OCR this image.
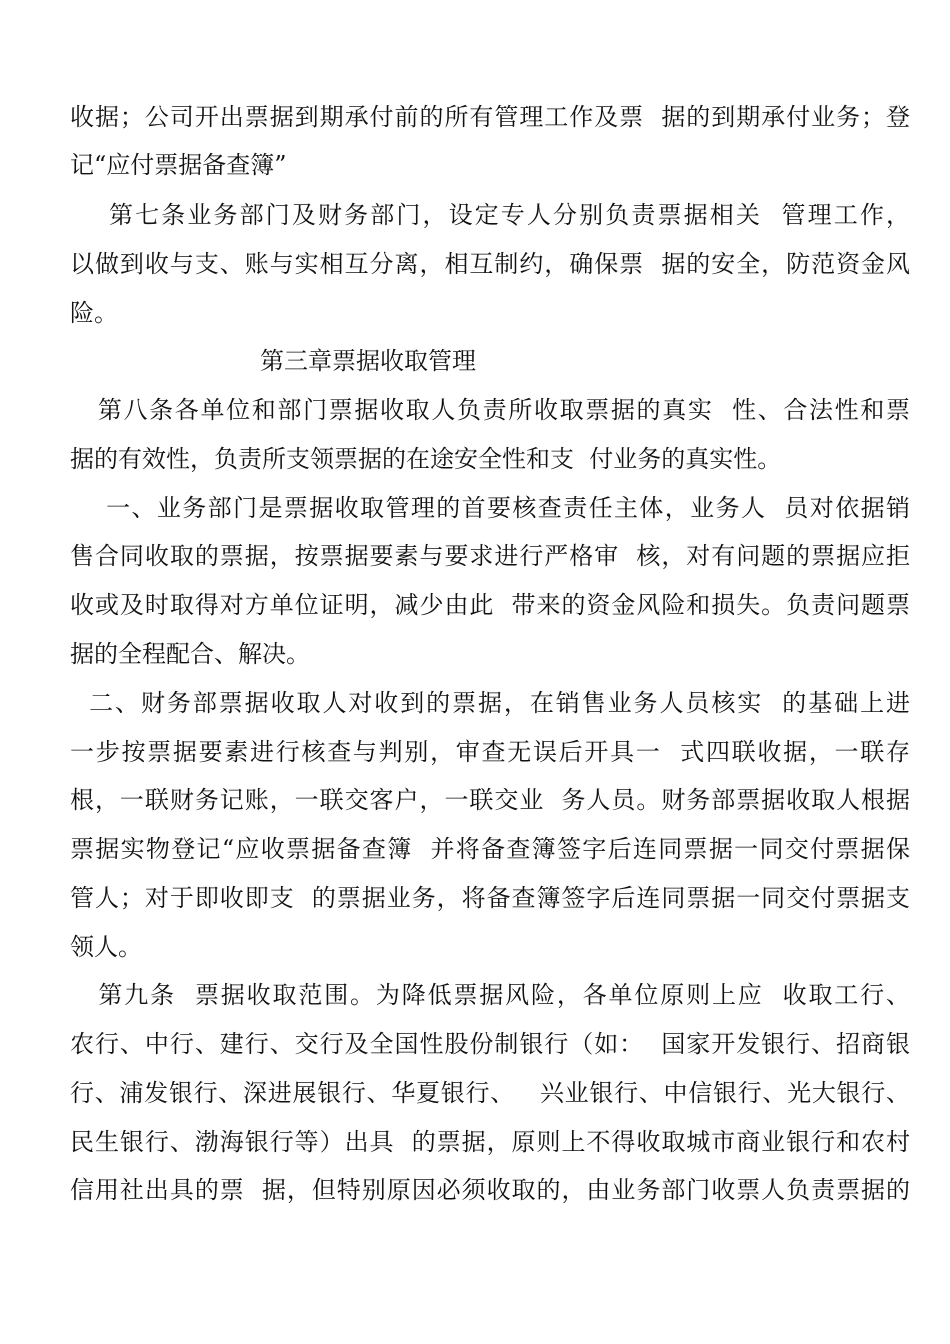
收据；公司开出票据到期承付前的所有管理工作及票  据的到期承付业务；登
记“应付票据备查簿”
第七条业务部门及财务部门，设定专人分别负责票据相关  管理工作，
以做到收与支、账与实相互分离，相互制约，确保票  据的安全，防范资金风
险。
第三章票据收取管理
第八条各单位和部门票据收取人负责所收取票据的真实  性、合法性和票
据的有效性，负责所支领票据的在途安全性和支  付业务的真实性。
一、业务部门是票据收取管理的首要核查责任主体，业务人  员对依据销
售合同收取的票据，按票据要素与要求进行严格审  核，对有问题的票据应拒
收或及时取得对方单位证明，减少由此  带来的资金风险和损失。负责问题票
据的全程配合、解决。
二、财务部票据收取人对收到的票据，在销售业务人员核实  的基础上进
一步按票据要素进行核查与判别，审查无误后开具一  式四联收据，一联存
根，一联财务记账，一联交客户，一联交业  务人员。财务部票据收取人根据
票据实物登记“应收票据备查簿  并将备查簿签字后连同票据一同交付票据保
管人；对于即收即支  的票据业务，将备查簿签字后连同票据一同交付票据支
领人。
第九条  票据收取范围。为降低票据风险，各单位原则上应  收取工行、
农行、中行、建行、交行及全国性股份制银行（如：  国家开发银行、招商银
行、浦发银行、深进展银行、华夏银行、   兴业银行、中信银行、光大银行、
民生银行、渤海银行等）出具  的票据，原则上不得收取城市商业银行和农村
信用社出具的票  据，但特别原因必须收取的，由业务部门收票人负责票据的
